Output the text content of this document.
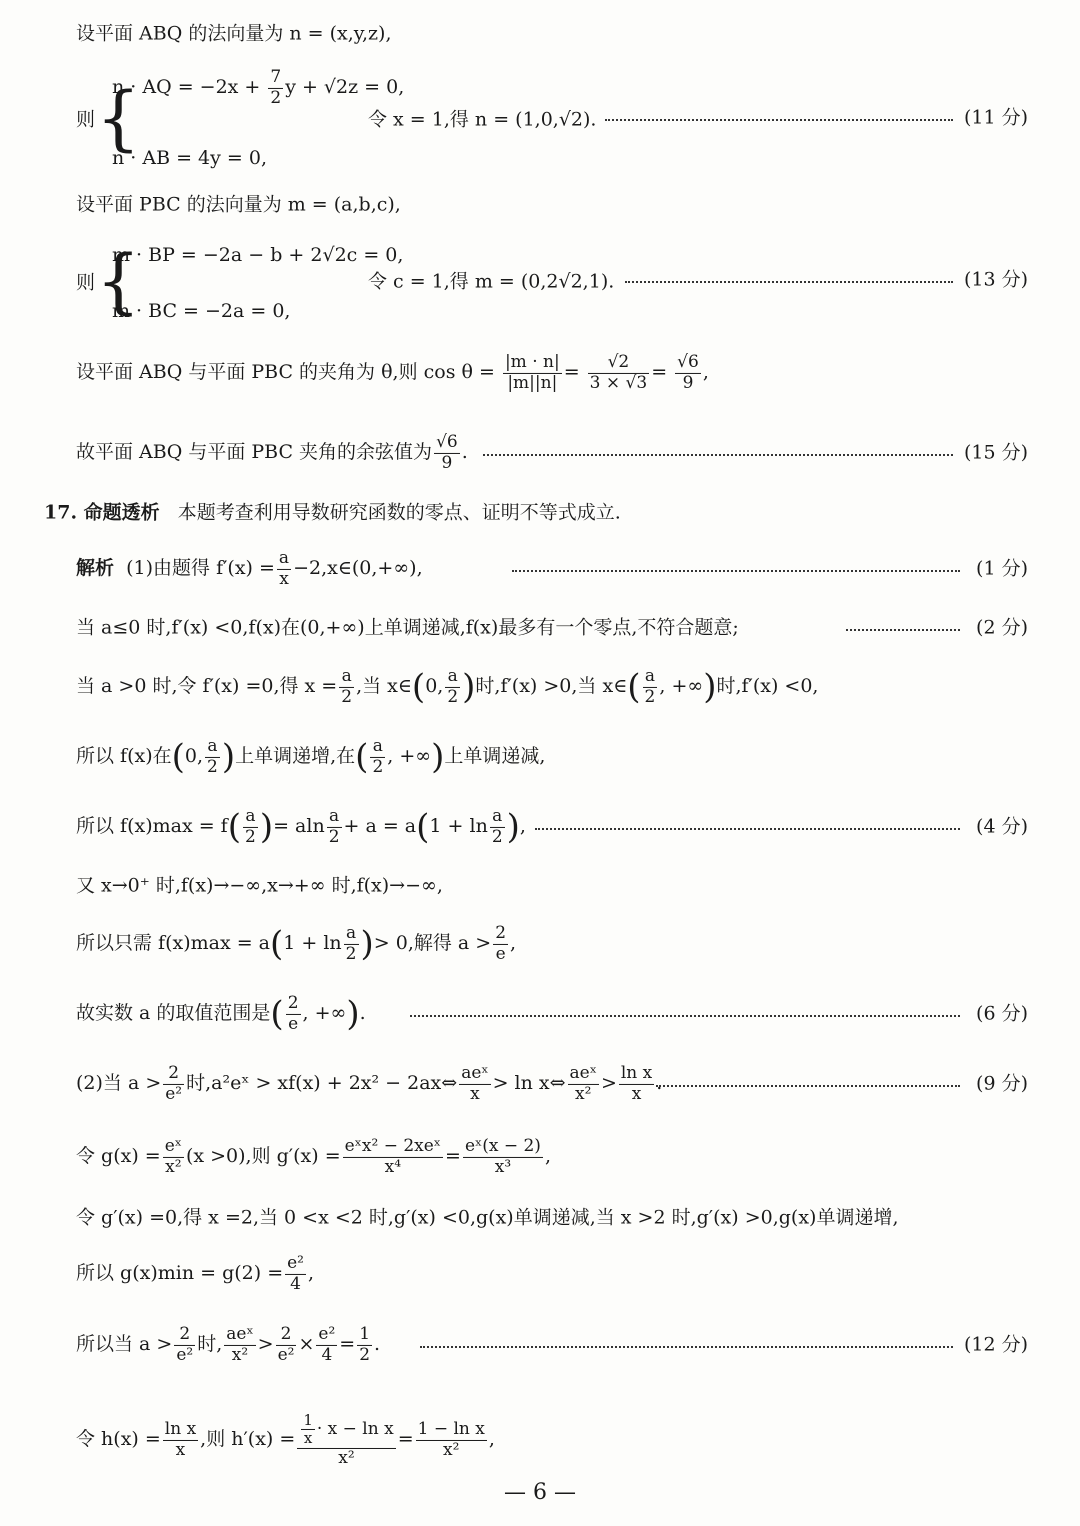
设平面 ABQ 的法向量为 n = (x,y,z),
则 {
n · AQ = $-2x + \frac{7}{2}$ y + √2z = 0,
n · AB = 4y = 0,
令 x = 1,得 n = (1,0,√2).	(11 分)
设平面 PBC 的法向量为 m = (a,b,c),
则 {
m · BP = −2a − b + 2√2c = 0,
m · BC = −2a = 0,
令 c = 1,得 m = (0,2√2,1).	(13 分)
设平面 ABQ 与平面 PBC 的夹角为 θ,则 $\cos \theta = \frac{|m \cdot n|}{|m||n|} = \frac{√2}{3 \times √3} = \frac{√6}{9}$ ,
故平面 ABQ 与平面 PBC 夹角的余弦值为 $\frac{√6}{9}$ .	(15 分)
17. 命题透析 本题考查利用导数研究函数的零点、证明不等式成立.
解析 (1)由题得 $f'(x) = \frac{a}{x}$ −2,x∈(0,+∞),	(1 分)
当 a≤0 时,f′(x) <0,f(x)在(0,+∞)上单调递减,f(x)最多有一个零点,不符合题意;	(2 分)
当 a >0 时,令 f′(x) =0,得 $x = \frac{a}{2}$ ,当 x∈(0, $\frac{a}{2}$ )时,f′(x) >0,当 x∈( $\frac{a}{2}$ , +∞)时,f′(x) <0,
所以 f(x)在(0, $\frac{a}{2}$ )上单调递增,在( $\frac{a}{2}$ , +∞)上单调递减,
所以 $f(x)\max = f( \frac{a}{2}$ )= aln $\frac{a}{2} + a = a(1 + \ln \frac{a}{2}$ ),	(4 分)
又 x→0⁺ 时,f(x)→−∞,x→+∞ 时,f(x)→−∞,
所以只需 $f(x)\max = a(1 + \ln \frac{a}{2}$ )> 0,解得 $a > \frac{2}{e}$ ,
故实数 a 的取值范围是( $\frac{2}{e}$ , +∞).	(6 分)
(2)当 $a > \frac{2}{\text{e²}}$ 时,a²eˣ > xf(x) + 2x² − 2ax⇔ $\frac{\text{aeˣ}}{x} > \ln$ x⇔ $\frac{\text{aeˣ}}{\text{x²}} > \frac{\text{ln x}}{x}$ .	(9 分)
令 $g(x) = \frac{\text{eˣ}}{\text{x²}} (x >0)$,则 $g'(x) = \frac{\text{eˣx² − 2xeˣ}}{\text{x⁴}} = \frac{\text{eˣ(x − 2)}}{\text{x³}}$ ,
令 g′(x) =0,得 x =2,当 0 <x <2 时,g′(x) <0,g(x)单调递减,当 x >2 时,g′(x) >0,g(x)单调递增,
所以 $g(x)\min = g(2) = \frac{\text{e²}}{4}$ ,
所以当 $a > \frac{2}{\text{e²}}$ 时, $\frac{\text{aeˣ}}{\text{x²}} > \frac{2}{\text{e²}} \times \frac{\text{e²}}{4} = \frac{1}{2}$ .	(12 分)
令 $h(x) = \frac{\text{ln x}}{x}$ ,则 $h'(x) = \frac{\frac{1}{x} \cdot x - \ln x}{\text{x²}} = \frac{\text{1 − ln x}}{\text{x²}}$ ,
— 6 —
